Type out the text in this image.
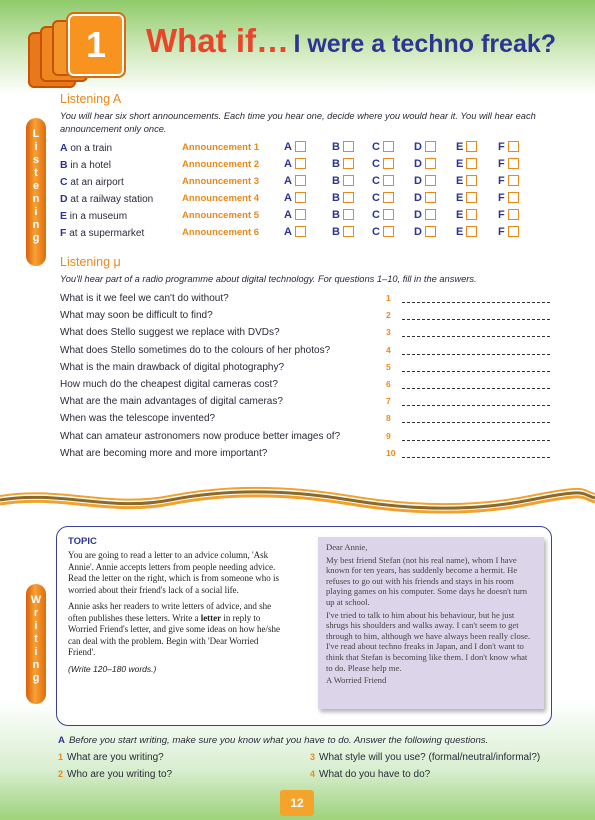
1 What if… I were a techno freak?
L
i
s
t
e
n
i
n
g
Listening A
You will hear six short announcements. Each time you hear one, decide where you would hear it. You will hear each announcement only once.
A on a train	Announcement 1 A	B	C	D	E	F
B in a hotel	Announcement 2 A	B	C	D	E	F
C at an airport	Announcement 3 A	B	C	D	E	F
D at a railway station	Announcement 4 A	B	C	D	E	F
E in a museum	Announcement 5 A	B	C	D	E	F
F at a supermarket	Announcement 6 A	B	C	D	E	F
Listening μ
You'll hear part of a radio programme about digital technology. For questions 1–10, fill in the answers.
What is it we feel we can't do without?	1
What may soon be difficult to find?	2
What does Stello suggest we replace with DVDs?	3
What does Stello sometimes do to the colours of her photos?	4
What is the main drawback of digital photography?	5
How much do the cheapest digital cameras cost?	6
What are the main advantages of digital cameras?	7
When was the telescope invented?	8
What can amateur astronomers now produce better images of?	9
What are becoming more and more important?	10
W
r
i
t
i
n
g
TOPIC

You are going to read a letter to an advice column, 'Ask Annie'. Annie accepts letters from people needing advice. Read the letter on the right, which is from someone who is worried about their friend's lack of a social life.

Annie asks her readers to write letters of advice, and she often publishes these letters. Write a letter in reply to Worried Friend's letter, and give some ideas on how he/she can deal with the problem. Begin with 'Dear Worried Friend'.

(Write 120–180 words.)

Dear Annie,

My best friend Stefan (not his real name), whom I have known for ten years, has suddenly become a hermit. He refuses to go out with his friends and stays in his room playing games on his computer. Some days he doesn't turn up at school.

I've tried to talk to him about his behaviour, but he just shrugs his shoulders and walks away. I can't seem to get through to him, although we have always been really close. I've read about techno freaks in Japan, and I don't want to think that Stefan is becoming like them. I don't know what to do. Please help me.

A Worried Friend

A Before you start writing, make sure you know what you have to do. Answer the following questions.
1 What are you writing?
2 Who are you writing to?
3 What style will you use? (formal/neutral/informal?)
4 What do you have to do?
12
